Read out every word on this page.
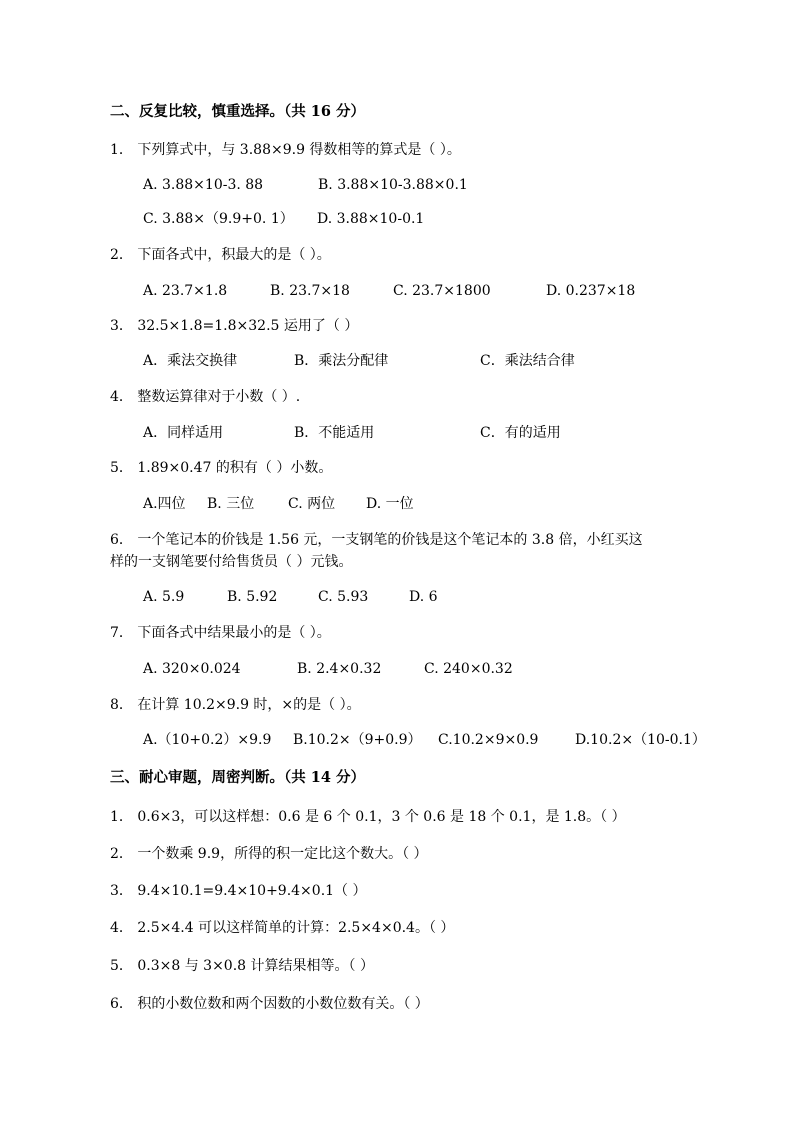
二、反复比较，慎重选择。（共 16 分）
1． 下列算式中，与 3.88×9.9 得数相等的算式是（ ）。
A. 3.88×10-3. 88	B. 3.88×10-3.88×0.1
C. 3.88×（9.9+0. 1） D. 3.88×10-0.1
2． 下面各式中，积最大的是（ ）。
A. 23.7×1.8	B. 23.7×18	C. 23.7×1800	D. 0.237×18
3． 32.5×1.8=1.8×32.5 运用了（ ）
A．乘法交换律	B．乘法分配律	C．乘法结合律
4． 整数运算律对于小数（ ）.
A．同样适用	B．不能适用	C．有的适用
5． 1.89×0.47 的积有（ ）小数。
A.四位 B. 三位 C. 两位 D. 一位
6． 一个笔记本的价钱是 1.56 元，一支钢笔的价钱是这个笔记本的 3.8 倍，小红买这
样的一支钢笔要付给售货员（ ）元钱。
A. 5.9	B. 5.92	C. 5.93	D. 6
7． 下面各式中结果最小的是（ ）。
A. 320×0.024	B. 2.4×0.32	C. 240×0.32
8． 在计算 10.2×9.9 时，×的是（ ）。
A.（10+0.2）×9.9 B.10.2×（9+0.9） C.10.2×9×0.9	D.10.2×（10-0.1）
三、耐心审题，周密判断。（共 14 分）
1． 0.6×3，可以这样想：0.6 是 6 个 0.1，3 个 0.6 是 18 个 0.1，是 1.8。（ ）
2． 一个数乘 9.9，所得的积一定比这个数大。（ ）
3． 9.4×10.1=9.4×10+9.4×0.1（ ）
4． 2.5×4.4 可以这样简单的计算：2.5×4×0.4。（ ）
5． 0.3×8 与 3×0.8 计算结果相等。（ ）
6． 积的小数位数和两个因数的小数位数有关。（ ）
